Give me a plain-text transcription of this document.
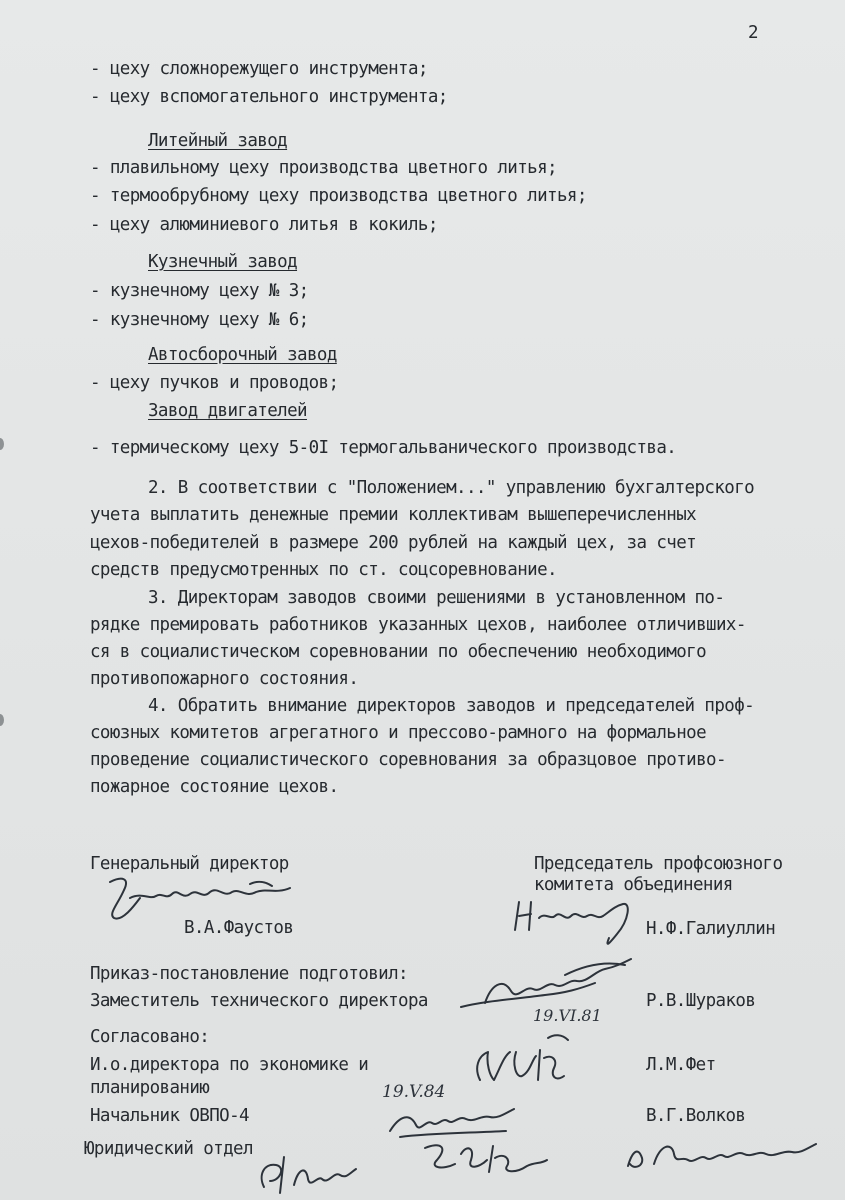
2
- цеху сложнорежущего инструмента;
- цеху вспомогательного инструмента;
Литейный завод
- плавильному цеху производства цветного литья;
- термообрубному цеху производства цветного литья;
- цеху алюминиевого литья в кокиль;
Кузнечный завод
- кузнечному цеху № 3;
- кузнечному цеху № 6;
Автосборочный завод
- цеху пучков и проводов;
Завод двигателей
- термическому цеху 5-0I термогальванического производства.
2. В соответствии с "Положением..." управлению бухгалтерского
учета выплатить денежные премии коллективам вышеперечисленных
цехов-победителей в размере 200 рублей на каждый цех, за счет
средств предусмотренных по ст. соцсоревнование.
3. Директорам заводов своими решениями в установленном по-
рядке премировать работников указанных цехов, наиболее отличивших-
ся в социалистическом соревновании по обеспечению необходимого
противопожарного состояния.
4. Обратить внимание директоров заводов и председателей проф-
союзных комитетов агрегатного и прессово-рамного на формальное
проведение социалистического соревнования за образцовое противо-
пожарное состояние цехов.
Генеральный директор	Председатель профсоюзного
комитета объединения
В.А.Фаустов	Н.Ф.Галиуллин
Приказ-постановление подготовил:
Заместитель технического директора	Р.В.Шураков
Согласовано:
И.о.директора по экономике и	Л.М.Фет
планированию
Начальник ОВПО-4	В.Г.Волков
Юридический отдел
19.VI.81
19.V.84
